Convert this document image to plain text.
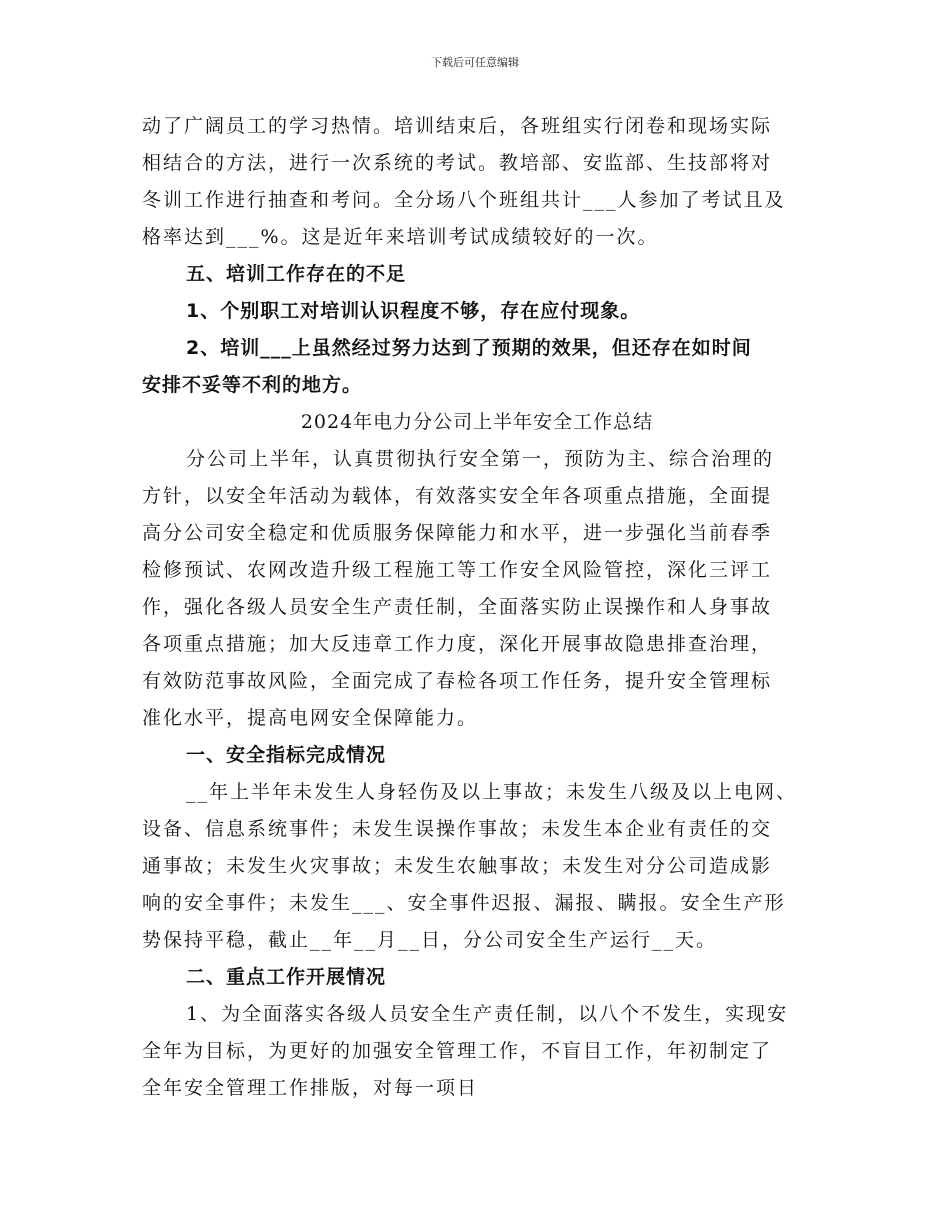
下载后可任意编辑
动了广阔员工的学习热情。培训结束后，各班组实行闭卷和现场实际
相结合的方法，进行一次系统的考试。教培部、安监部、生技部将对
冬训工作进行抽查和考问。全分场八个班组共计___人参加了考试且及
格率达到___%。这是近年来培训考试成绩较好的一次。
五、培训工作存在的不足
1、个别职工对培训认识程度不够，存在应付现象。
2、培训___上虽然经过努力达到了预期的效果，但还存在如时间
安排不妥等不利的地方。
2024年电力分公司上半年安全工作总结
分公司上半年，认真贯彻执行安全第一，预防为主、综合治理的
方针，以安全年活动为载体，有效落实安全年各项重点措施，全面提
高分公司安全稳定和优质服务保障能力和水平，进一步强化当前春季
检修预试、农网改造升级工程施工等工作安全风险管控，深化三评工
作，强化各级人员安全生产责任制，全面落实防止误操作和人身事故
各项重点措施；加大反违章工作力度，深化开展事故隐患排查治理，
有效防范事故风险，全面完成了春检各项工作任务，提升安全管理标
准化水平，提高电网安全保障能力。
一、安全指标完成情况
__年上半年未发生人身轻伤及以上事故；未发生八级及以上电网、
设备、信息系统事件；未发生误操作事故；未发生本企业有责任的交
通事故；未发生火灾事故；未发生农触事故；未发生对分公司造成影
响的安全事件；未发生___、安全事件迟报、漏报、瞒报。安全生产形
势保持平稳，截止__年__月__日，分公司安全生产运行__天。
二、重点工作开展情况
1、为全面落实各级人员安全生产责任制，以八个不发生，实现安
全年为目标，为更好的加强安全管理工作，不盲目工作，年初制定了
全年安全管理工作排版，对每一项日
